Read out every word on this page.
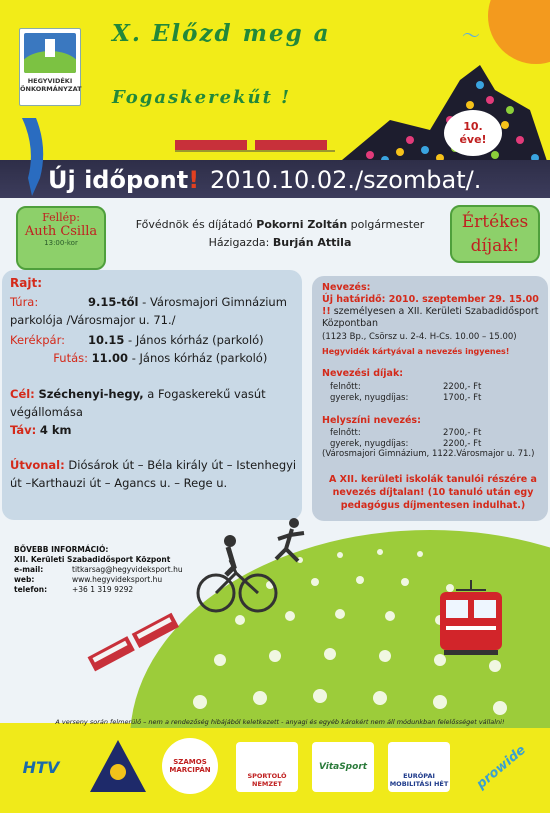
〜
HEGYVIDÉKI
ÖNKORMÁNYZAT
X. Előzd meg a
Fogaskerekűt !
10.
éve!
Új időpont! 2010.10.02./szombat/.
Fellép:
Auth Csilla
13:00-kor
Fővédnök és díjátadó Pokorni Zoltán polgármester
Házigazda: Burján Attila
Értékes
díjak!
Rajt:
Túra:	9.15-től - Városmajori Gimnázium parkolója /Városmajor u. 71./
Kerékpár: 10.15 - János kórház (parkoló)
Futás: 11.00 - János kórház (parkoló)
Cél: Széchenyi-hegy, a Fogaskerekű vasút végállomása
Táv: 4 km
Útvonal: Diósárok út – Béla király út – Istenhegyi út –Karthauzi út – Agancs u. – Rege u.
Nevezés:
Új határidő: 2010. szeptember 29. 15.00 !! személyesen a XII. Kerületi Szabadidősport Központban
(1123 Bp., Csörsz u. 2-4. H-Cs. 10.00 – 15.00)
Hegyvidék kártyával a nevezés ingyenes!
Nevezési díjak:
felnőtt:	2200,- Ft
gyerek, nyugdíjas:	1700,- Ft
Helyszíni nevezés:
felnőtt:	2700,- Ft
gyerek, nyugdíjas:	2200,- Ft
(Városmajori Gimnázium, 1122.Városmajor u. 71.)
A XII. kerületi iskolák tanulói részére a nevezés díjtalan! (10 tanuló után egy pedagógus díjmentesen indulhat.)
BŐVEBB INFORMÁCIÓ:
XII. Kerületi Szabadidősport Központ
e-mail:	titkarsag@hegyvideksport.hu
web:	www.hegyvideksport.hu
telefon:	+36 1 319 9292
A verseny során felmerülő – nem a rendezőség hibájából keletkezett - anyagi és egyéb károkért nem áll módunkban felelősséget vállalni!
HTV	SZAMOS MARCIPÁN
SPORTOLÓ NEMZET
VitaSport
EURÓPAI MOBILITÁSI HÉT	prowide
